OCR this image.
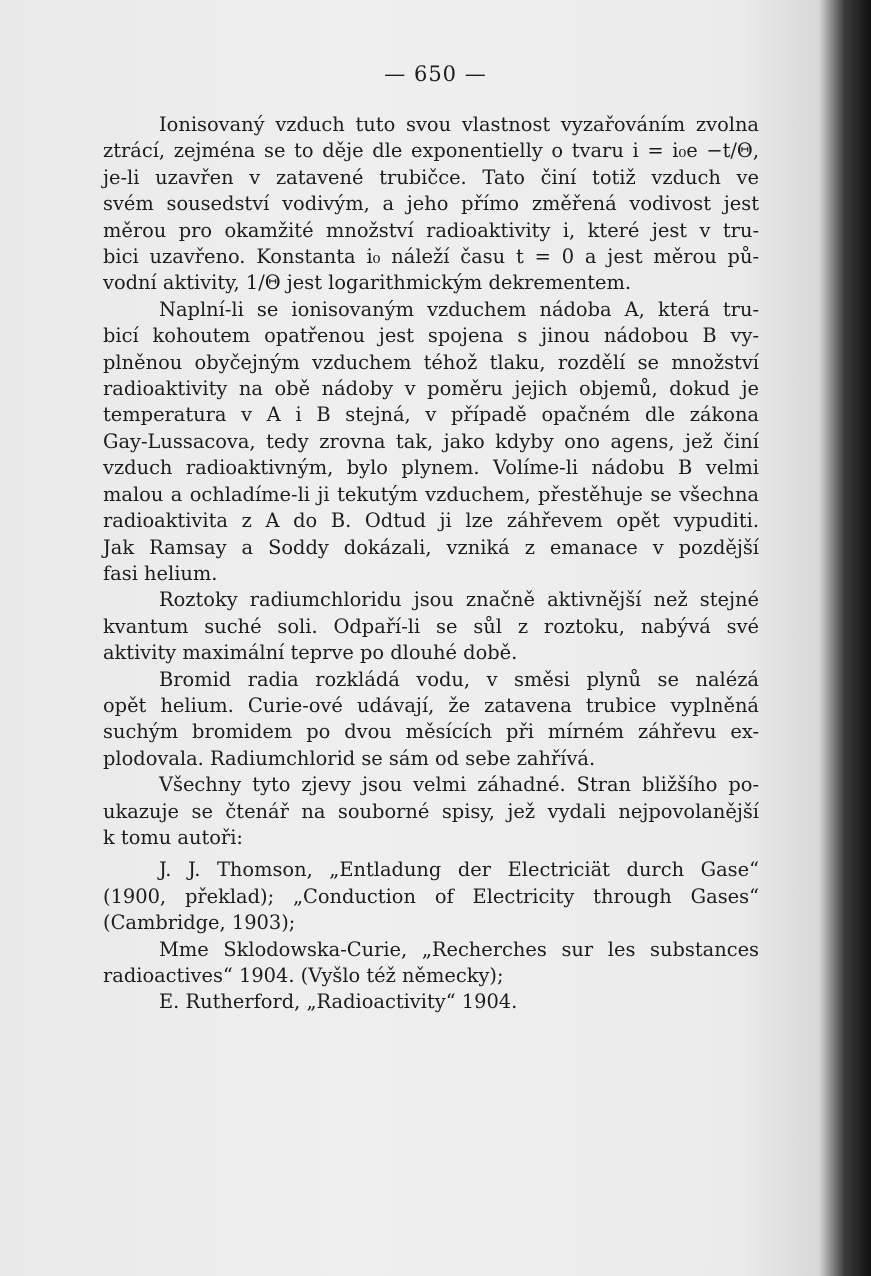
— 650 —
Ionisovaný vzduch tuto svou vlastnost vyzařováním zvolna
ztrácí, zejména se to děje dle exponentielly o tvaru i = i₀e −t/Θ,
je-li uzavřen v zatavené trubičce. Tato činí totiž vzduch ve
svém sousedství vodivým, a jeho přímo změřená vodivost jest
měrou pro okamžité množství radioaktivity i, které jest v tru-
bici uzavřeno. Konstanta i₀ náleží času t = 0 a jest měrou pů-
vodní aktivity, 1/Θ jest logarithmickým dekrementem.
Naplní-li se ionisovaným vzduchem nádoba A, která tru-
bicí kohoutem opatřenou jest spojena s jinou nádobou B vy-
plněnou obyčejným vzduchem téhož tlaku, rozdělí se množství
radioaktivity na obě nádoby v poměru jejich objemů, dokud je
temperatura v A i B stejná, v případě opačném dle zákona
Gay-Lussacova, tedy zrovna tak, jako kdyby ono agens, jež činí
vzduch radioaktivným, bylo plynem. Volíme-li nádobu B velmi
malou a ochladíme-li ji tekutým vzduchem, přestěhuje se všechna
radioaktivita z A do B. Odtud ji lze záhřevem opět vypuditi.
Jak Ramsay a Soddy dokázali, vzniká z emanace v pozdější
fasi helium.
Roztoky radiumchloridu jsou značně aktivnější než stejné
kvantum suché soli. Odpaří-li se sůl z roztoku, nabývá své
aktivity maximální teprve po dlouhé době.
Bromid radia rozkládá vodu, v směsi plynů se nalézá
opět helium. Curie-ové udávají, že zatavena trubice vyplněná
suchým bromidem po dvou měsících při mírném záhřevu ex-
plodovala. Radiumchlorid se sám od sebe zahřívá.
Všechny tyto zjevy jsou velmi záhadné. Stran bližšího po-
ukazuje se čtenář na souborné spisy, jež vydali nejpovolanější
k tomu autoři:
J. J. Thomson, „Entladung der Electriciät durch Gase“
(1900, překlad); „Conduction of Electricity through Gases“
(Cambridge, 1903);
Mme Sklodowska-Curie, „Recherches sur les substances
radioactives“ 1904. (Vyšlo též německy);
E. Rutherford, „Radioactivity“ 1904.
